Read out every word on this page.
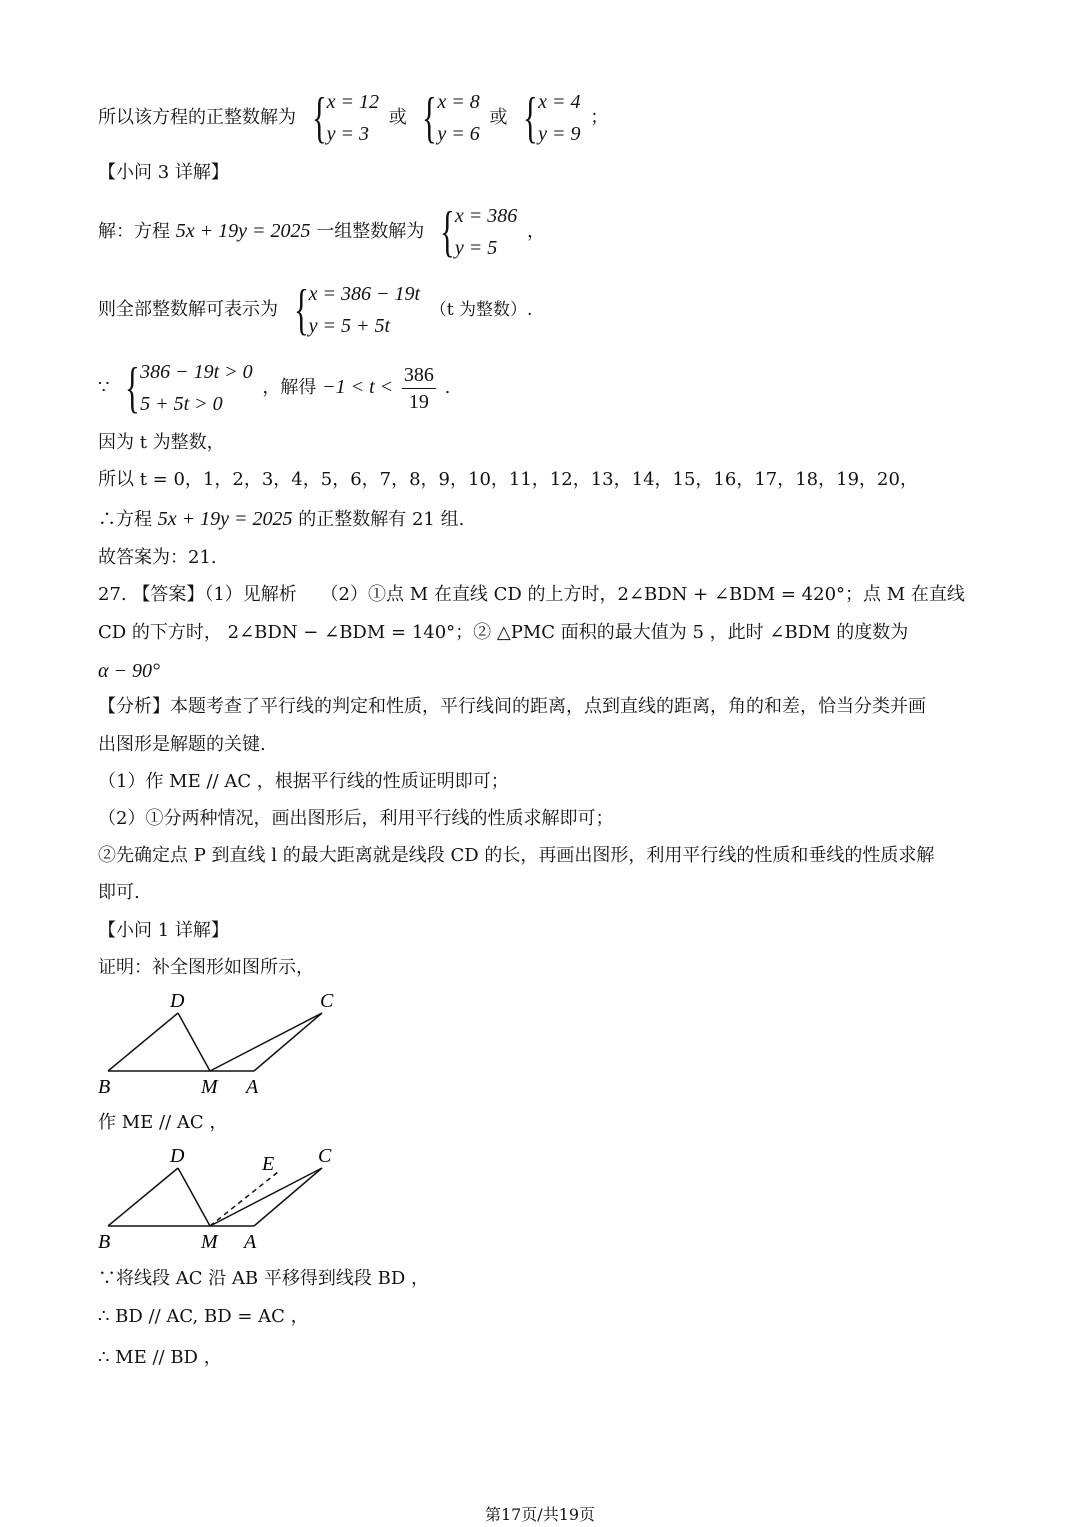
所以该方程的正整数解为 { x = 12
y = 3
或 { x = 8
y = 6
或 { x = 4
y = 9
；
【小问 3 详解】
解：方程 5x + 19y = 2025 一组整数解为 { x = 386
y = 5
，
则全部整数解可表示为 { x = 386 − 19t
y = 5 + 5t
（t 为整数）.
∵ { 386 − 19t > 0
5 + 5t > 0
，解得 $-1 < t < \frac{386}{19}$ .
因为 t 为整数，
所以 t = 0，1，2，3，4，5，6，7，8，9，10，11，12，13，14，15，16，17，18，19，20，
∴方程 5x + 19y = 2025 的正整数解有 21 组.
故答案为：21.
27. 【答案】（1）见解析　 （2）①点 M 在直线 CD 的上方时，2∠BDN + ∠BDM = 420°；点 M 在直线
CD 的下方时， 2∠BDN − ∠BDM = 140°；② △PMC 面积的最大值为 5 ，此时 ∠BDM 的度数为
α − 90°
【分析】本题考查了平行线的判定和性质，平行线间的距离，点到直线的距离，角的和差，恰当分类并画
出图形是解题的关键.
（1）作 ME // AC ，根据平行线的性质证明即可；
（2）①分两种情况，画出图形后，利用平行线的性质求解即可；
②先确定点 P 到直线 l 的最大距离就是线段 CD 的长，再画出图形，利用平行线的性质和垂线的性质求解
即可.
【小问 1 详解】
证明：补全图形如图所示，
D	C
B	M A
作 ME // AC ，
D	E C
B	M A
∵将线段 AC 沿 AB 平移得到线段 BD ，
∴ BD // AC, BD = AC ，
∴ ME // BD ，
第17页/共19页
